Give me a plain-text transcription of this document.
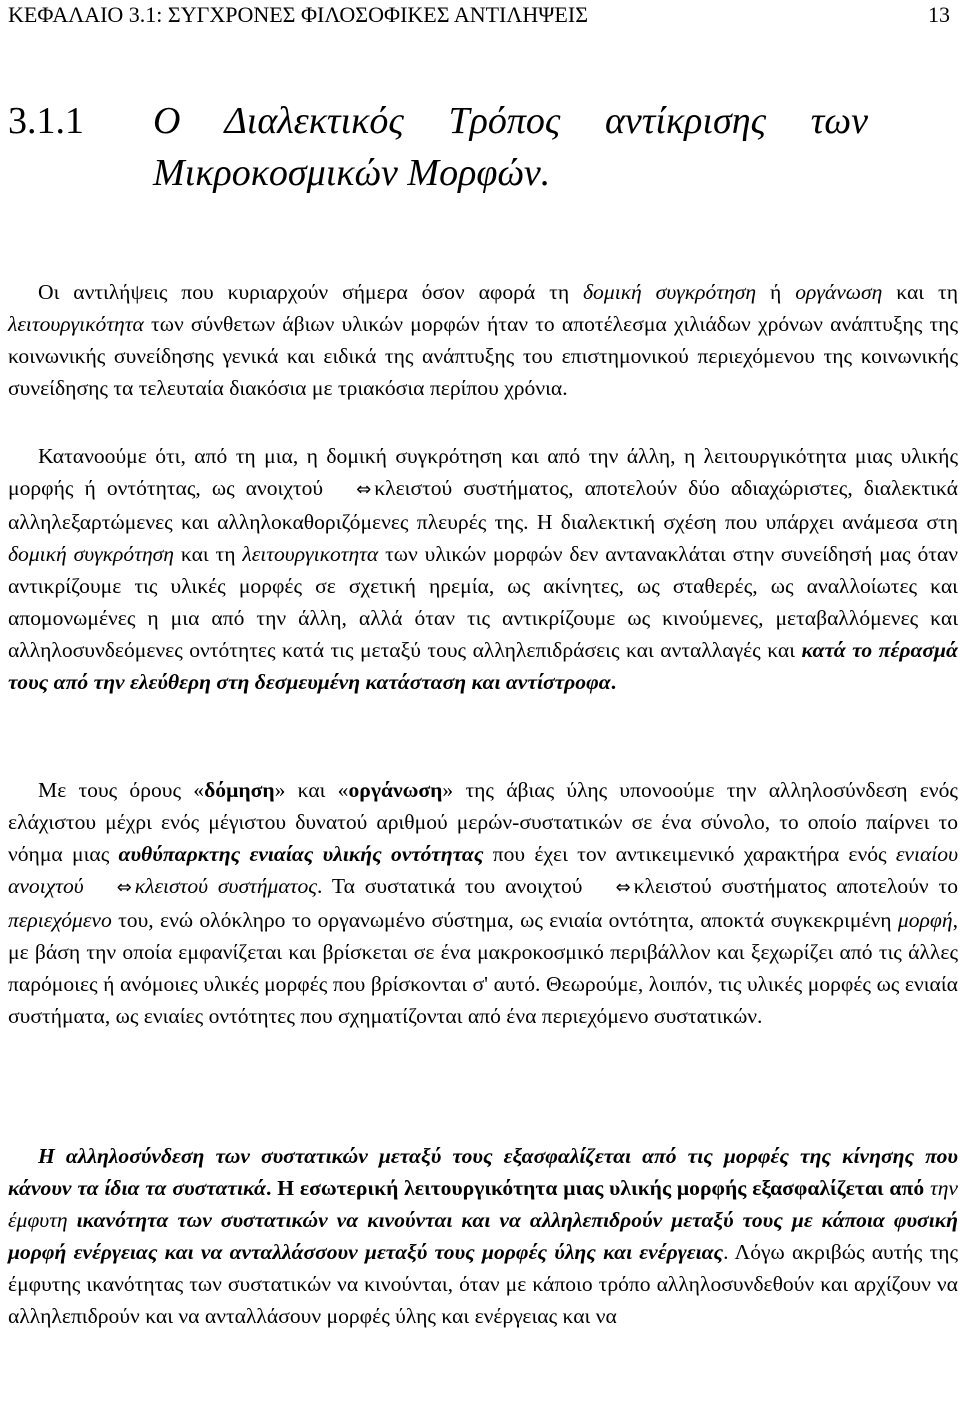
ΚΕΦΑΛΑΙΟ 3.1: ΣΥΓΧΡΟΝΕΣ ΦΙΛΟΣΟΦΙΚΕΣ ΑΝΤΙΛΗΨΕΙΣ	13
3.1.1 Ο Διαλεκτικός Τρόπος αντίκρισης των
Μικροκοσμικών Μορφών.

Οι αντιλήψεις που κυριαρχούν σήμερα όσον αφορά τη δομική συγκρότηση ή οργάνωση και τη λειτουργικότητα των σύνθετων άβιων υλικών μορφών ήταν το αποτέλεσμα χιλιάδων χρόνων ανάπτυξης της κοινωνικής συνείδησης γενικά και ειδικά της ανάπτυξης του επιστημονικού περιεχόμενου της κοινωνικής συνείδησης τα τελευταία διακόσια με τριακόσια περίπου χρόνια.

Κατανοούμε ότι, από τη μια, η δομική συγκρότηση και από την άλλη, η λειτουργικότητα μιας υλικής μορφής ή οντότητας, ως ανοιχτού ⇔ κλειστού συστήματος, αποτελούν δύο αδιαχώριστες, διαλεκτικά αλληλεξαρτώμενες και αλληλοκαθοριζόμενες πλευρές της. Η διαλεκτική σχέση που υπάρχει ανάμεσα στη δομική συγκρότηση και τη λειτουργικοτητα των υλικών μορφών δεν αντανακλάται στην συνείδησή μας όταν αντικρίζουμε τις υλικές μορφές σε σχετική ηρεμία, ως ακίνητες, ως σταθερές, ως αναλλοίωτες και απομονωμένες η μια από την άλλη, αλλά όταν τις αντικρίζουμε ως κινούμενες, μεταβαλλόμενες και αλληλοσυνδεόμενες οντότητες κατά τις μεταξύ τους αλληλεπιδράσεις και ανταλλαγές και κατά το πέρασμά τους από την ελεύθερη στη δεσμευμένη κατάσταση και αντίστροφα.

Με τους όρους «δόμηση» και «οργάνωση» της άβιας ύλης υπονοούμε την αλληλοσύνδεση ενός ελάχιστου μέχρι ενός μέγιστου δυνατού αριθμού μερών-συστατικών σε ένα σύνολο, το οποίο παίρνει το νόημα μιας αυθύπαρκτης ενιαίας υλικής οντότητας που έχει τον αντικειμενικό χαρακτήρα ενός ενιαίου ανοιχτού ⇔ κλειστού συστήματος. Τα συστατικά του ανοιχτού ⇔ κλειστού συστήματος αποτελούν το περιεχόμενο του, ενώ ολόκληρο το οργανωμένο σύστημα, ως ενιαία οντότητα, αποκτά συγκεκριμένη μορφή, με βάση την οποία εμφανίζεται και βρίσκεται σε ένα μακροκοσμικό περιβάλλον και ξεχωρίζει από τις άλλες παρόμοιες ή ανόμοιες υλικές μορφές που βρίσκονται σ' αυτό. Θεωρούμε, λοιπόν, τις υλικές μορφές ως ενιαία συστήματα, ως ενιαίες οντότητες που σχηματίζονται από ένα περιεχόμενο συστατικών.

Η αλληλοσύνδεση των συστατικών μεταξύ τους εξασφαλίζεται από τις μορφές της κίνησης που κάνουν τα ίδια τα συστατικά. Η εσωτερική λειτουργικότητα μιας υλικής μορφής εξασφαλίζεται από την έμφυτη ικανότητα των συστατικών να κινούνται και να αλληλεπιδρούν μεταξύ τους με κάποια φυσική μορφή ενέργειας και να ανταλλάσσουν μεταξύ τους μορφές ύλης και ενέργειας. Λόγω ακριβώς αυτής της έμφυτης ικανότητας των συστατικών να κινούνται, όταν με κάποιο τρόπο αλληλοσυνδεθούν και αρχίζουν να αλληλεπιδρούν και να ανταλλάσουν μορφές ύλης και ενέργειας και να
